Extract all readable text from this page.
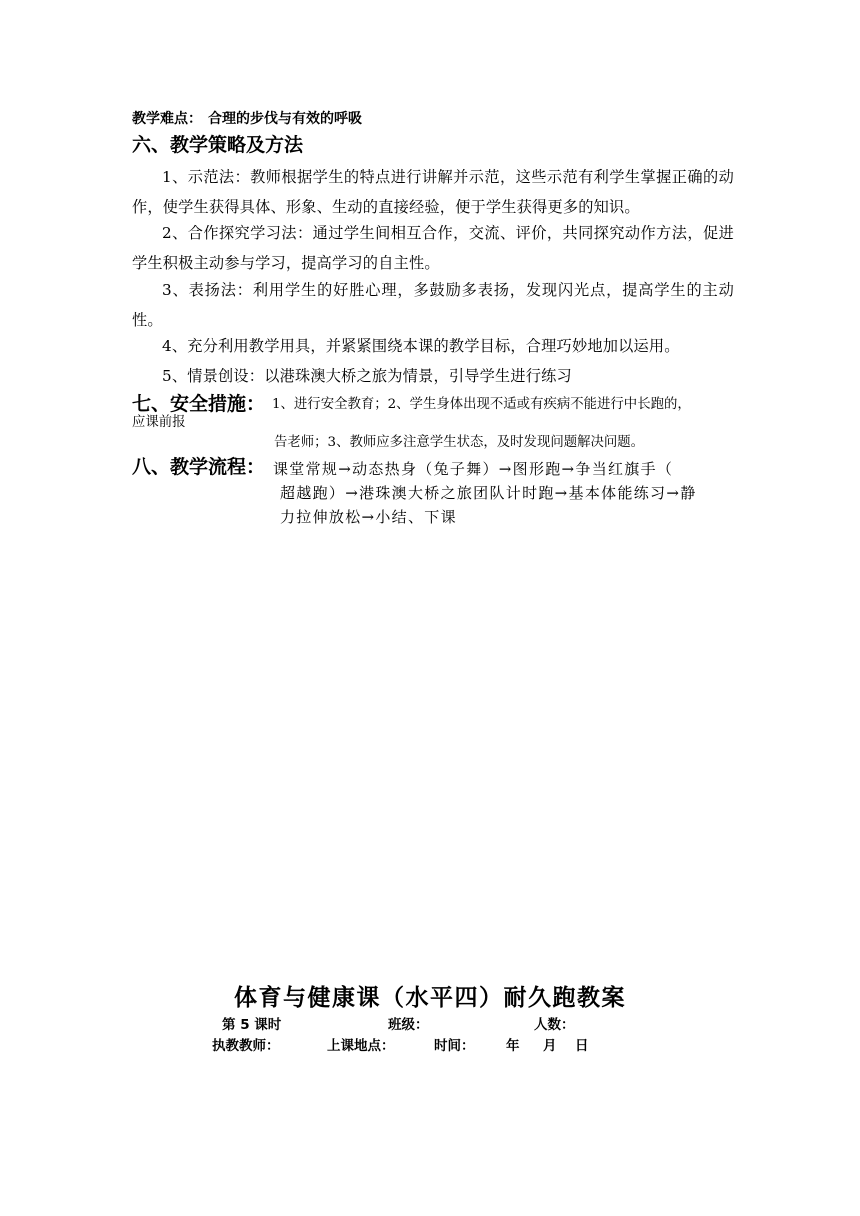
教学难点： 合理的步伐与有效的呼吸
六、教学策略及方法
1、示范法：教师根据学生的特点进行讲解并示范，这些示范有利学生掌握正确的动作，使学生获得具体、形象、生动的直接经验，便于学生获得更多的知识。
2、合作探究学习法：通过学生间相互合作，交流、评价，共同探究动作方法，促进学生积极主动参与学习，提高学习的自主性。
3、表扬法：利用学生的好胜心理，多鼓励多表扬，发现闪光点，提高学生的主动性。
4、充分利用教学用具，并紧紧围绕本课的教学目标，合理巧妙地加以运用。
5、情景创设：以港珠澳大桥之旅为情景，引导学生进行练习
七、安全措施： 1、进行安全教育；2、学生身体出现不适或有疾病不能进行中长跑的，
应课前报
告老师；3、教师应多注意学生状态，及时发现问题解决问题。
八、教学流程： 课堂常规→动态热身（兔子舞）→图形跑→争当红旗手（
超越跑）→港珠澳大桥之旅团队计时跑→基本体能练习→静
力拉伸放松→小结、下课
体育与健康课（水平四）耐久跑教案
第 5 课时	班级：	人数：
执教教师：	上课地点：	时间： 年 月 日
